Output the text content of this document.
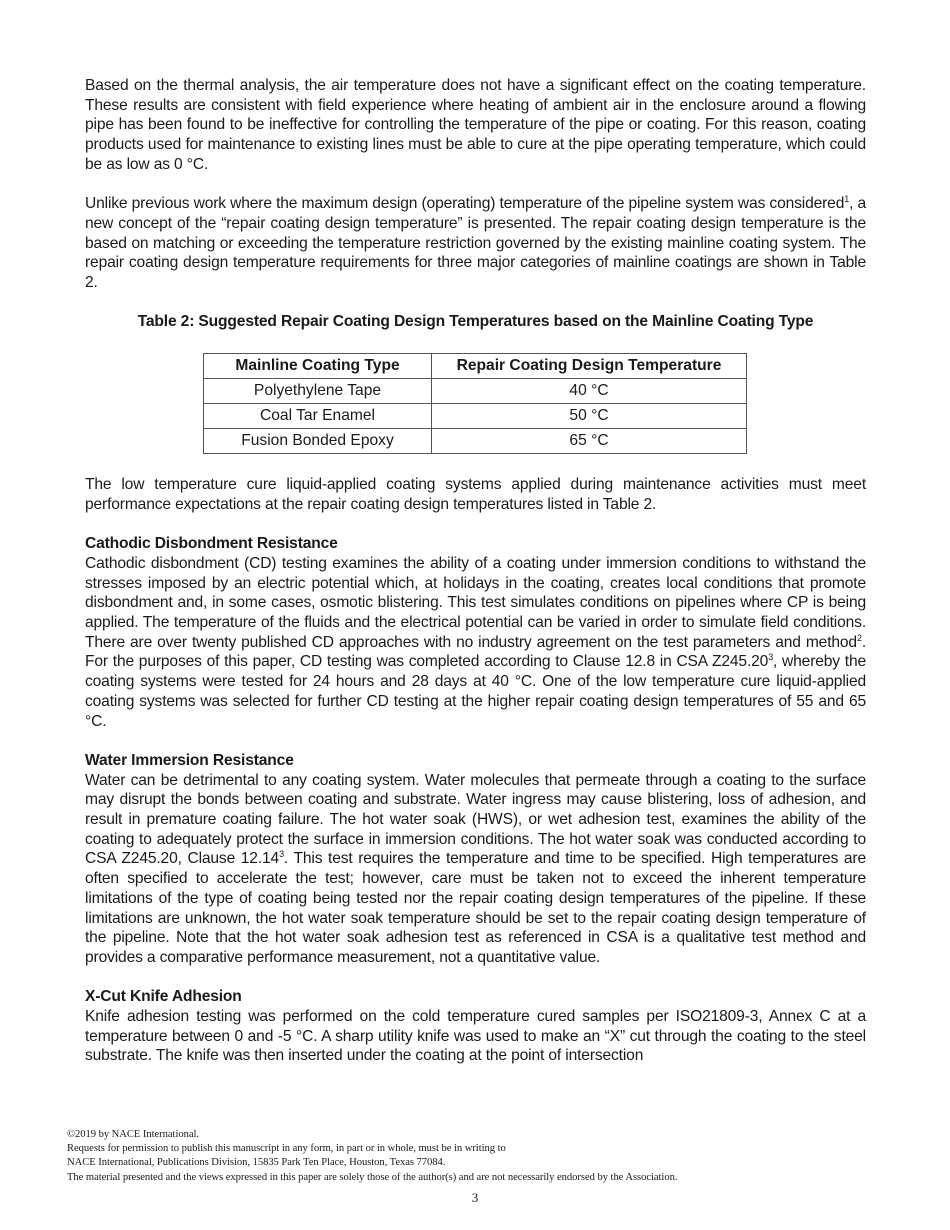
Based on the thermal analysis, the air temperature does not have a significant effect on the coating temperature. These results are consistent with field experience where heating of ambient air in the enclosure around a flowing pipe has been found to be ineffective for controlling the temperature of the pipe or coating. For this reason, coating products used for maintenance to existing lines must be able to cure at the pipe operating temperature, which could be as low as 0 °C.

Unlike previous work where the maximum design (operating) temperature of the pipeline system was considered$^1$, a new concept of the “repair coating design temperature” is presented. The repair coating design temperature is the based on matching or exceeding the temperature restriction governed by the existing mainline coating system. The repair coating design temperature requirements for three major categories of mainline coatings are shown in Table 2.

Table 2: Suggested Repair Coating Design Temperatures based on the Mainline Coating Type

Mainline Coating Type	Repair Coating Design Temperature
Polyethylene Tape	40 °C
Coal Tar Enamel	50 °C
Fusion Bonded Epoxy	65 °C

The low temperature cure liquid-applied coating systems applied during maintenance activities must meet performance expectations at the repair coating design temperatures listed in Table 2.

Cathodic Disbondment Resistance

Cathodic disbondment (CD) testing examines the ability of a coating under immersion conditions to withstand the stresses imposed by an electric potential which, at holidays in the coating, creates local conditions that promote disbondment and, in some cases, osmotic blistering. This test simulates conditions on pipelines where CP is being applied. The temperature of the fluids and the electrical potential can be varied in order to simulate field conditions. There are over twenty published CD approaches with no industry agreement on the test parameters and method$^2$. For the purposes of this paper, CD testing was completed according to Clause 12.8 in CSA Z245.20$^3$, whereby the coating systems were tested for 24 hours and 28 days at 40 °C. One of the low temperature cure liquid-applied coating systems was selected for further CD testing at the higher repair coating design temperatures of 55 and 65 °C.

Water Immersion Resistance

Water can be detrimental to any coating system. Water molecules that permeate through a coating to the surface may disrupt the bonds between coating and substrate. Water ingress may cause blistering, loss of adhesion, and result in premature coating failure. The hot water soak (HWS), or wet adhesion test, examines the ability of the coating to adequately protect the surface in immersion conditions. The hot water soak was conducted according to CSA Z245.20, Clause 12.14$^3$. This test requires the temperature and time to be specified. High temperatures are often specified to accelerate the test; however, care must be taken not to exceed the inherent temperature limitations of the type of coating being tested nor the repair coating design temperatures of the pipeline. If these limitations are unknown, the hot water soak temperature should be set to the repair coating design temperature of the pipeline. Note that the hot water soak adhesion test as referenced in CSA is a qualitative test method and provides a comparative performance measurement, not a quantitative value.

X-Cut Knife Adhesion

Knife adhesion testing was performed on the cold temperature cured samples per ISO21809-3, Annex C at a temperature between 0 and -5 °C. A sharp utility knife was used to make an “X” cut through the coating to the steel substrate. The knife was then inserted under the coating at the point of intersection

©2019 by NACE International.
Requests for permission to publish this manuscript in any form, in part or in whole, must be in writing to
NACE International, Publications Division, 15835 Park Ten Place, Houston, Texas 77084.
The material presented and the views expressed in this paper are solely those of the author(s) and are not necessarily endorsed by the Association.
3
